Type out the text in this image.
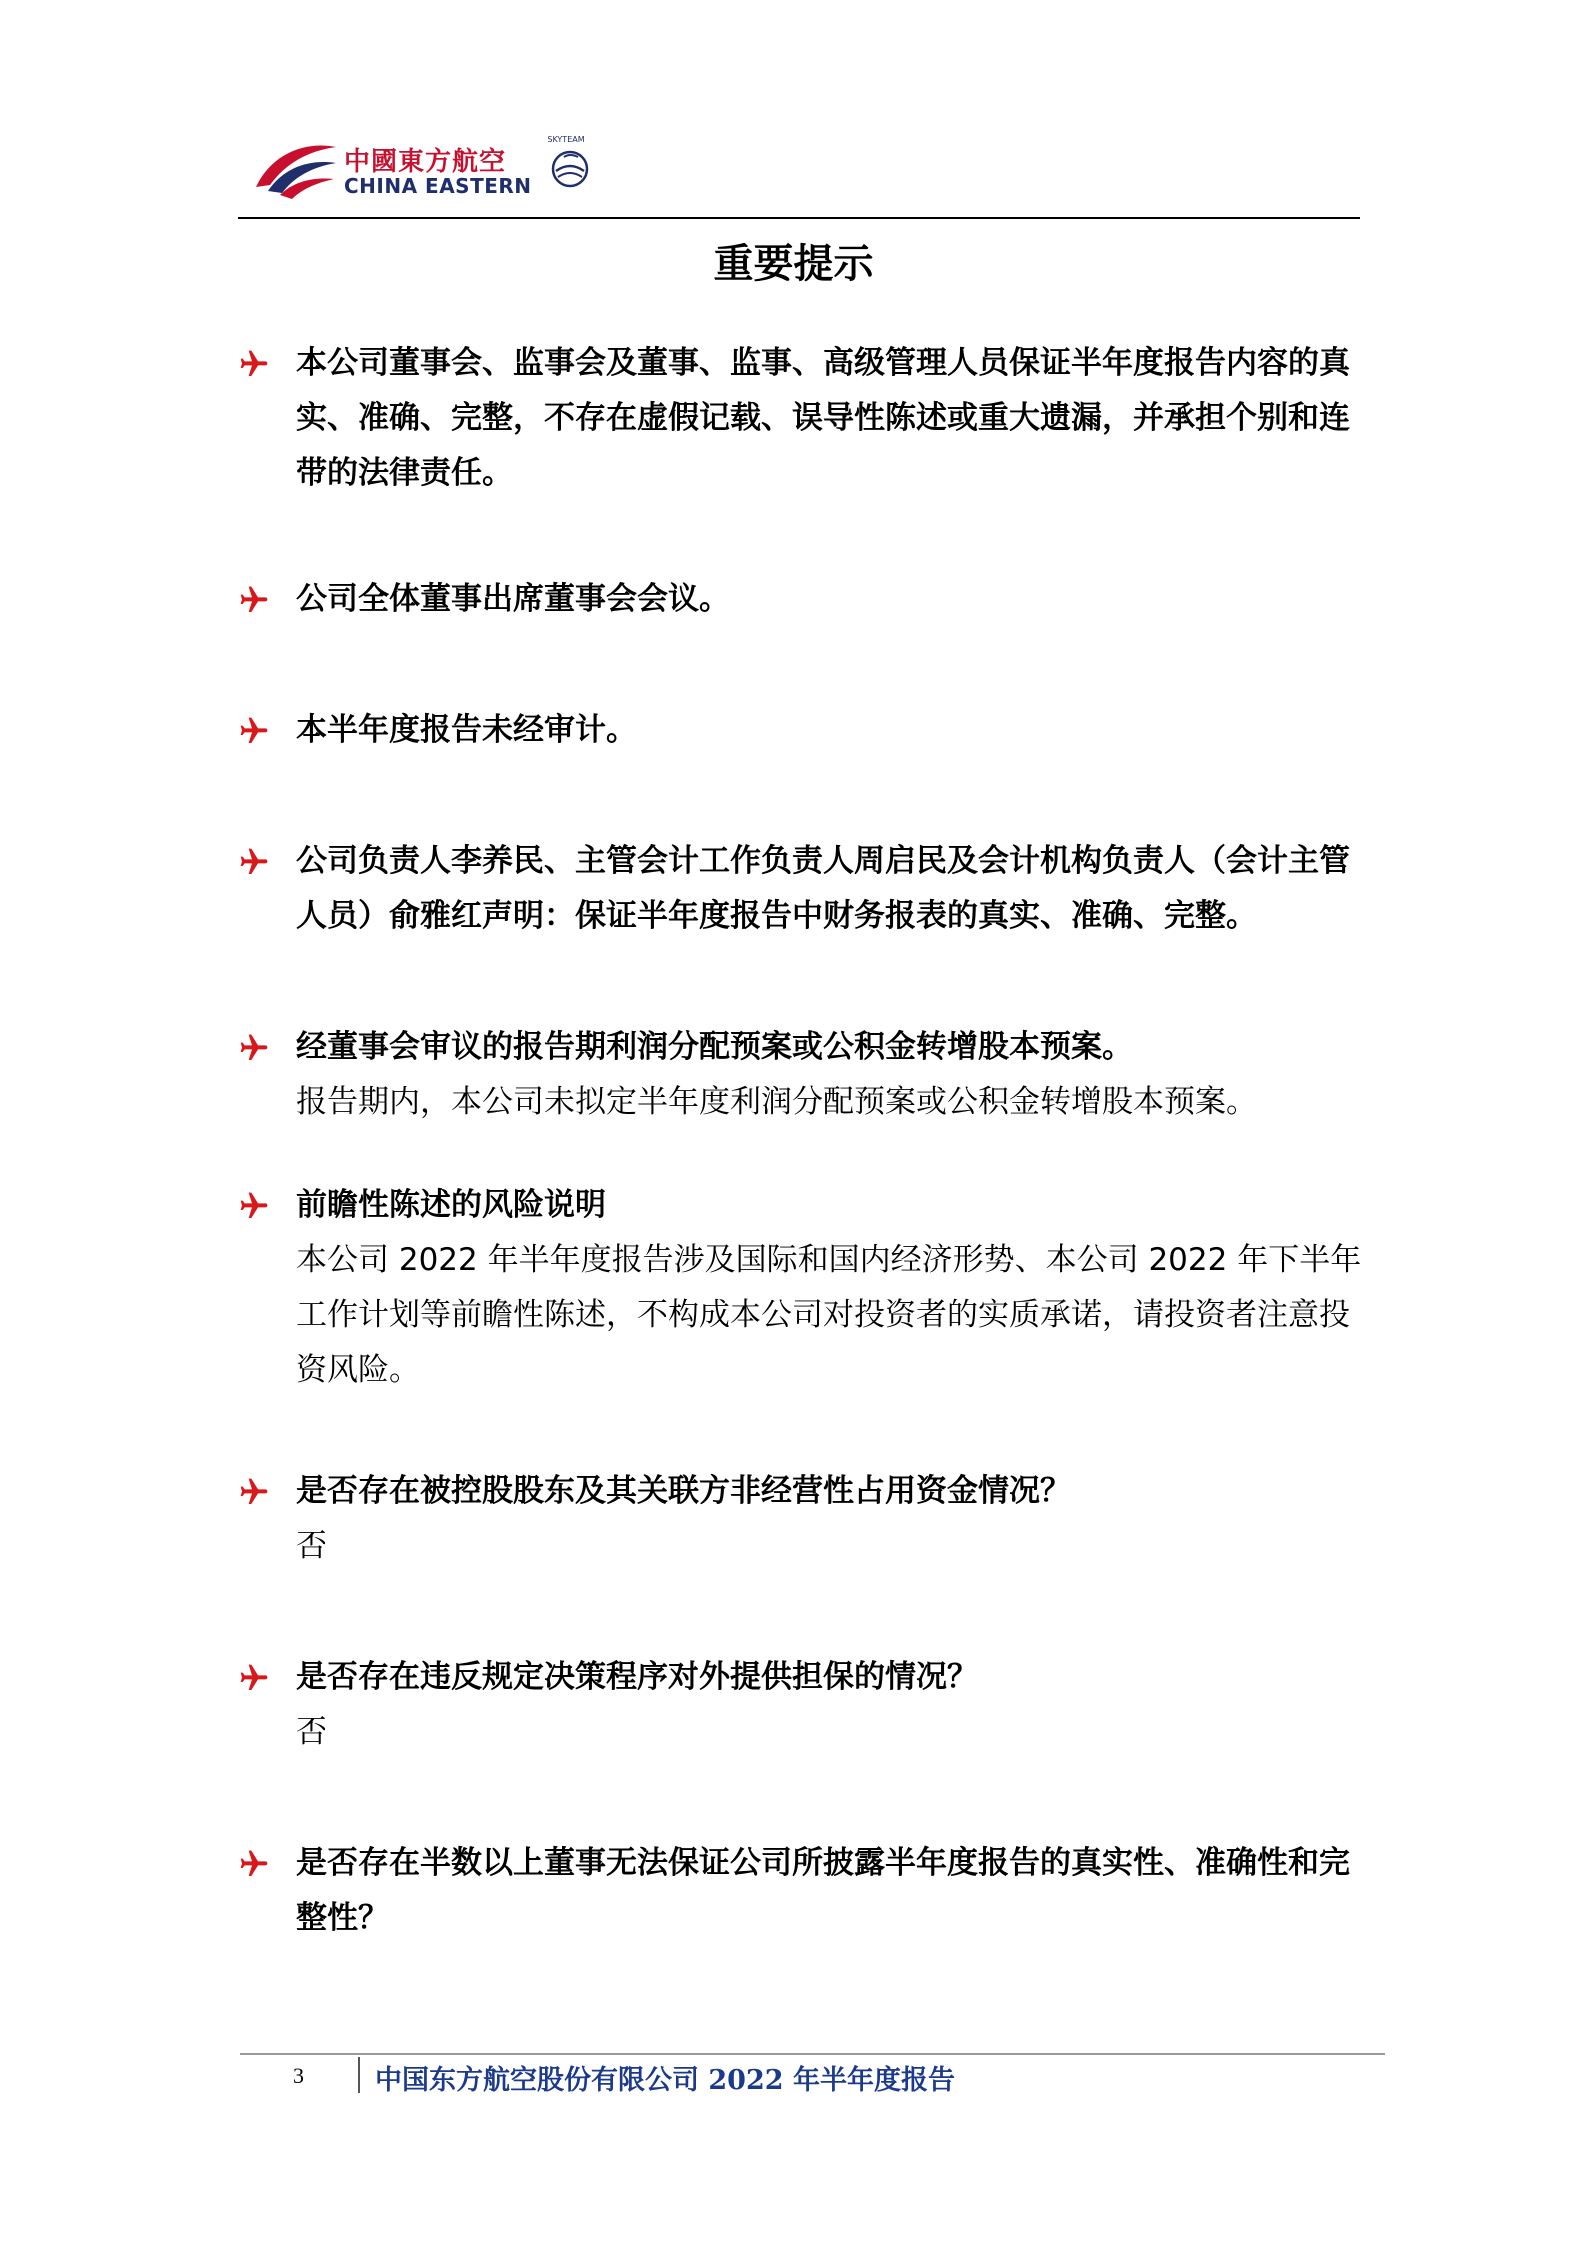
中國東方航空
CHINA EASTERN
SKYTEAM
重要提示
本公司董事会、监事会及董事、监事、高级管理人员保证半年度报告内容的真实、准确、完整，不存在虚假记载、误导性陈述或重大遗漏，并承担个别和连带的法律责任。
公司全体董事出席董事会会议。
本半年度报告未经审计。
公司负责人李养民、主管会计工作负责人周启民及会计机构负责人（会计主管人员）俞雅红声明：保证半年度报告中财务报表的真实、准确、完整。
经董事会审议的报告期利润分配预案或公积金转增股本预案。
报告期内，本公司未拟定半年度利润分配预案或公积金转增股本预案。
前瞻性陈述的风险说明
本公司 2022 年半年度报告涉及国际和国内经济形势、本公司 2022 年下半年工作计划等前瞻性陈述，不构成本公司对投资者的实质承诺，请投资者注意投资风险。
是否存在被控股股东及其关联方非经营性占用资金情况？
否
是否存在违反规定决策程序对外提供担保的情况？
否
是否存在半数以上董事无法保证公司所披露半年度报告的真实性、准确性和完整性？
3	中国东方航空股份有限公司 2022 年半年度报告
